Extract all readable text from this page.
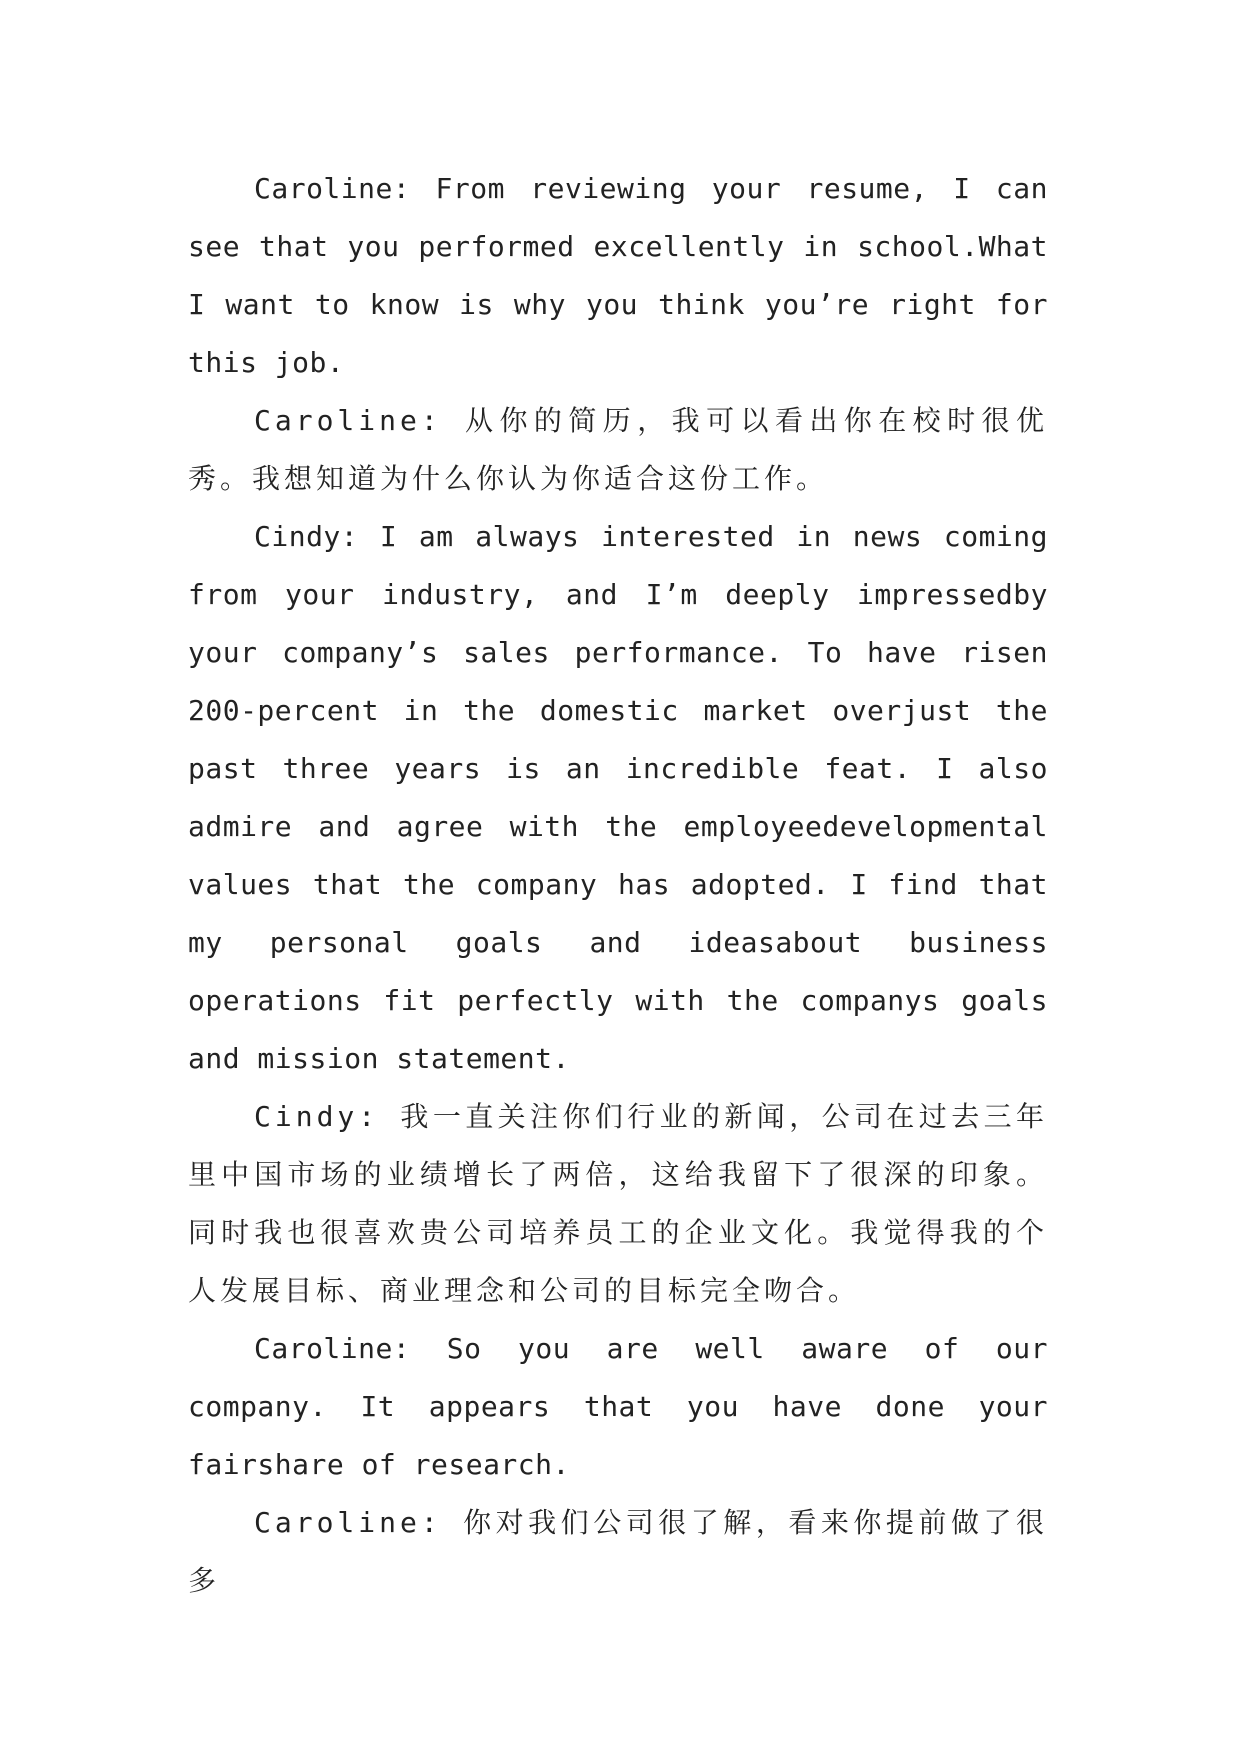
Caroline: From reviewing your resume, I can see that you performed excellently in school.What I want to know is why you think you’re right for this job.

Caroline: 从你的简历，我可以看出你在校时很优秀。我想知道为什么你认为你适合这份工作。

Cindy: I am always interested in news coming from your industry, and I’m deeply impressedby your company’s sales performance. To have risen 200-percent in the domestic market overjust the past three years is an incredible feat. I also admire and agree with the employeedevelopmental values that the company has adopted. I find that my personal goals and ideasabout business operations fit perfectly with the companys goals and mission statement.

Cindy: 我一直关注你们行业的新闻，公司在过去三年里中国市场的业绩增长了两倍，这给我留下了很深的印象。同时我也很喜欢贵公司培养员工的企业文化。我觉得我的个人发展目标、商业理念和公司的目标完全吻合。

Caroline: So you are well aware of our company. It appears that you have done your fairshare of research.

Caroline: 你对我们公司很了解，看来你提前做了很多
